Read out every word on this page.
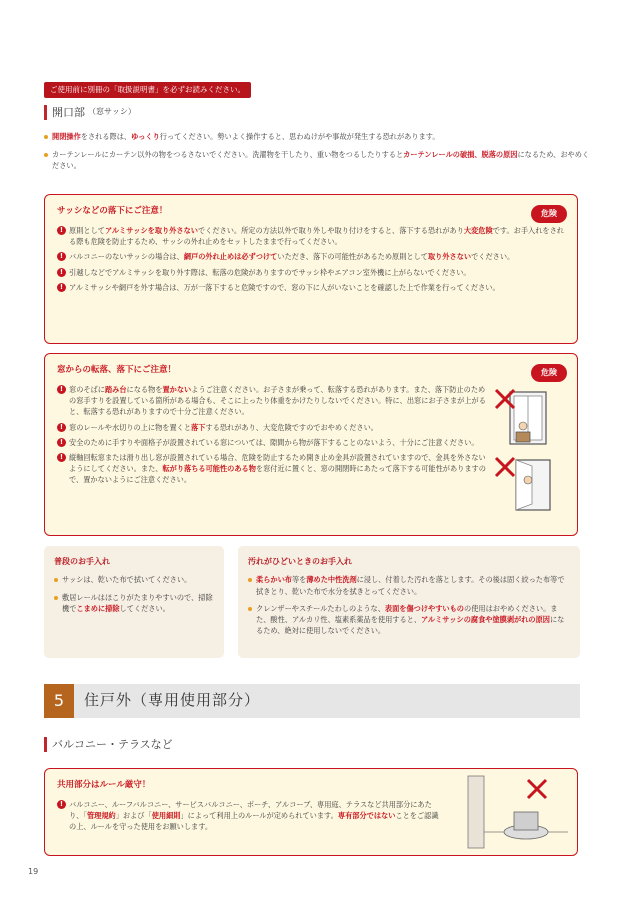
ご使用前に別冊の「取扱説明書」を必ずお読みください。
開口部 （窓サッシ）
開閉操作をされる際は、ゆっくり行ってください。勢いよく操作すると、思わぬけがや事故が発生する恐れがあります。
カーテンレールにカーテン以外の物をつるさないでください。洗濯物を干したり、重い物をつるしたりするとカーテンレールの破損、脱落の原因になるため、おやめください。
サッシなどの落下にご注意！	危険
! 原則としてアルミサッシを取り外さないでください。所定の方法以外で取り外しや取り付けをすると、落下する恐れがあり大変危険です。お手入れをされる際も危険を防止するため、サッシの外れ止めをセットしたままで行ってください。
! バルコニーのないサッシの場合は、網戸の外れ止めは必ずつけていただき、落下の可能性があるため原則として取り外さないでください。
! 引越しなどでアルミサッシを取り外す際は、転落の危険がありますのでサッシ枠やエアコン室外機に上がらないでください。
! アルミサッシや網戸を外す場合は、万が一落下すると危険ですので、窓の下に人がいないことを確認した上で作業を行ってください。
窓からの転落、落下にご注意！	危険
! 窓のそばに踏み台になる物を置かないようご注意ください。お子さまが乗って、転落する恐れがあります。また、落下防止のための窓手すりを設置している箇所がある場合も、そこに上ったり体重をかけたりしないでください。特に、出窓にお子さまが上がると、転落する恐れがありますので十分ご注意ください。
! 窓のレールや水切りの上に物を置くと落下する恐れがあり、大変危険ですのでおやめください。
! 安全のために手すりや面格子が設置されている窓については、隙間から物が落下することのないよう、十分にご注意ください。
! 縦軸回転窓または滑り出し窓が設置されている場合、危険を防止するため開き止め金具が設置されていますので、金具を外さないようにしてください。また、転がり落ちる可能性のある物を窓付近に置くと、窓の開閉時にあたって落下する可能性がありますので、置かないようにご注意ください。
普段のお手入れ
サッシは、乾いた布で拭いてください。
敷居レールはほこりがたまりやすいので、掃除機でこまめに掃除してください。
汚れがひどいときのお手入れ
柔らかい布等を薄めた中性洗剤に浸し、付着した汚れを落とします。その後は固く絞った布等で拭きとり、乾いた布で水分を拭きとってください。
クレンザーやスチールたわしのような、表面を傷つけやすいものの使用はおやめください。また、酸性、アルカリ性、塩素系薬品を使用すると、アルミサッシの腐食や塗膜剥がれの原因になるため、絶対に使用しないでください。
5	住戸外（専用使用部分）
バルコニー・テラスなど
共用部分はルール厳守！
! バルコニー、ルーフバルコニー、サービスバルコニー、ポーチ、アルコーブ、専用庭、テラスなど共用部分にあたり、「管理規約」および「使用細則」によって利用上のルールが定められています。専有部分ではないことをご認識の上、ルールを守った使用をお願いします。
19
